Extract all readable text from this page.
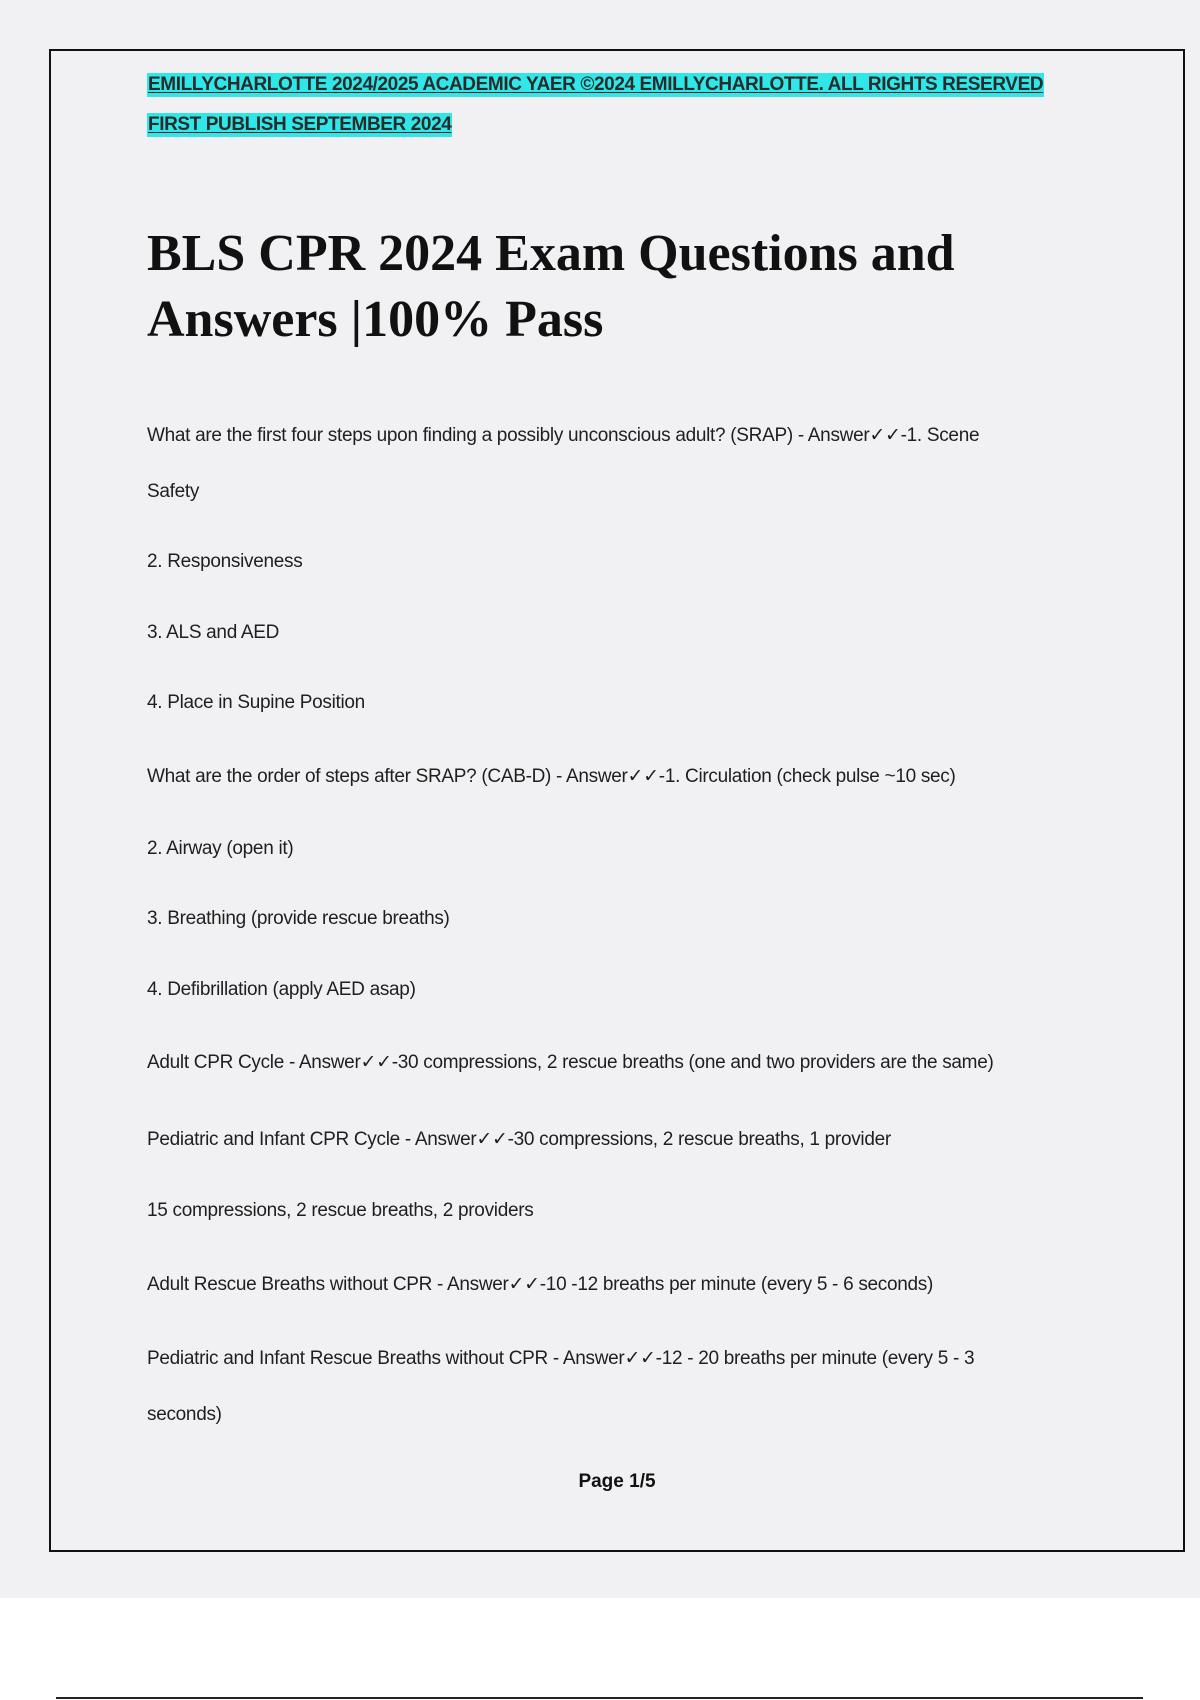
EMILLYCHARLOTTE 2024/2025 ACADEMIC YAER ©2024 EMILLYCHARLOTTE. ALL RIGHTS RESERVED
FIRST PUBLISH SEPTEMBER 2024
BLS CPR 2024 Exam Questions and
Answers |100% Pass
What are the first four steps upon finding a possibly unconscious adult? (SRAP) - Answer✓✓-1. Scene
Safety
2. Responsiveness
3. ALS and AED
4. Place in Supine Position
What are the order of steps after SRAP? (CAB-D) - Answer✓✓-1. Circulation (check pulse ~10 sec)
2. Airway (open it)
3. Breathing (provide rescue breaths)
4. Defibrillation (apply AED asap)
Adult CPR Cycle - Answer✓✓-30 compressions, 2 rescue breaths (one and two providers are the same)
Pediatric and Infant CPR Cycle - Answer✓✓-30 compressions, 2 rescue breaths, 1 provider
15 compressions, 2 rescue breaths, 2 providers
Adult Rescue Breaths without CPR - Answer✓✓-10 -12 breaths per minute (every 5 - 6 seconds)
Pediatric and Infant Rescue Breaths without CPR - Answer✓✓-12 - 20 breaths per minute (every 5 - 3
seconds)
Page 1/5
